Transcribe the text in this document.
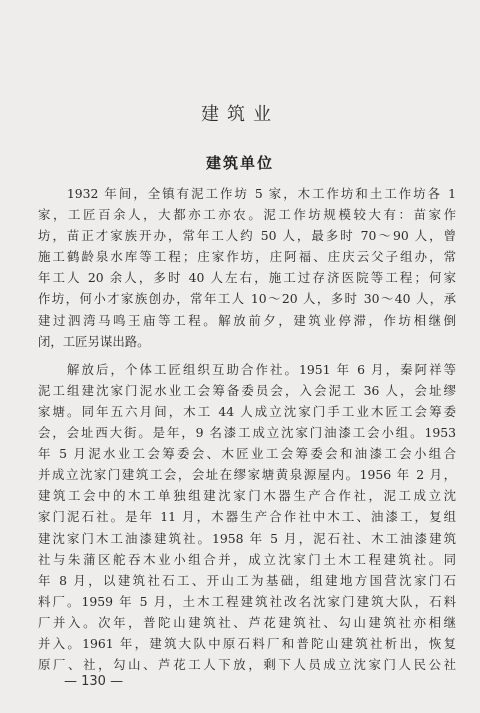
建筑业
建筑单位
　　1932 年间，全镇有泥工作坊 5 家，木工作坊和土工作坊各 1
家，工匠百余人，大都亦工亦农。泥工作坊规模较大有：苗家作
坊，苗正才家族开办，常年工人约 50 人，最多时 70～90 人，曾
施工鹤龄泉水库等工程；庄家作坊，庄阿福、庄庆云父子组办，常
年工人 20 余人，多时 40 人左右，施工过存济医院等工程；何家
作坊，何小才家族创办，常年工人 10～20 人，多时 30～40 人，承
建过泗湾马鸣王庙等工程。解放前夕，建筑业停滞，作坊相继倒
闭，工匠另谋出路。
　　解放后，个体工匠组织互助合作社。1951 年 6 月，秦阿祥等
泥工组建沈家门泥水业工会筹备委员会，入会泥工 36 人，会址缪
家塘。同年五六月间，木工 44 人成立沈家门手工业木匠工会筹委
会，会址西大街。是年，9 名漆工成立沈家门油漆工会小组。1953
年 5 月泥水业工会筹委会、木匠业工会筹委会和油漆工会小组合
并成立沈家门建筑工会，会址在缪家塘黄泉源屋内。1956 年 2 月，
建筑工会中的木工单独组建沈家门木器生产合作社，泥工成立沈
家门泥石社。是年 11 月，木器生产合作社中木工、油漆工，复组
建沈家门木工油漆建筑社。1958 年 5 月，泥石社、木工油漆建筑
社与朱蒲区舵吞木业小组合并，成立沈家门土木工程建筑社。同
年 8 月，以建筑社石工、开山工为基础，组建地方国营沈家门石
料厂。1959 年 5 月，土木工程建筑社改名沈家门建筑大队，石料
厂并入。次年，普陀山建筑社、芦花建筑社、勾山建筑社亦相继
并入。1961 年，建筑大队中原石料厂和普陀山建筑社析出，恢复
原厂、社，勾山、芦花工人下放，剩下人员成立沈家门人民公社
— 130 —
